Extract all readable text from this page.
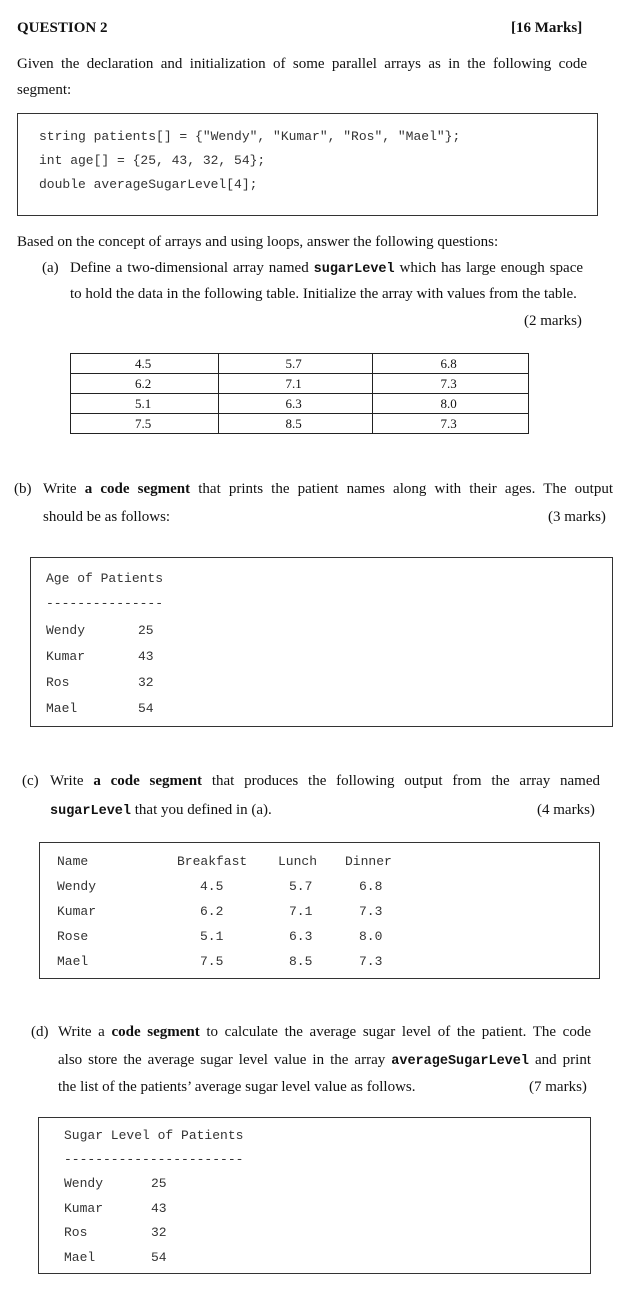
QUESTION 2	[16 Marks]
Given the declaration and initialization of some parallel arrays as in the following code
segment:
string patients[] = {"Wendy", "Kumar", "Ros", "Mael"};
int age[] = {25, 43, 32, 54};
double averageSugarLevel[4];
Based on the concept of arrays and using loops, answer the following questions:
(a) Define a two-dimensional array named sugarLevel which has large enough space
to hold the data in the following table. Initialize the array with values from the table.
(2 marks)
4.5	5.7	6.8
6.2	7.1	7.3
5.1	6.3	8.0
7.5	8.5	7.3
(b) Write a code segment that prints the patient names along with their ages. The output
should be as follows:	(3 marks)
Age of Patients
---------------
Wendy	25
Kumar	43
Ros	32
Mael	54
(c) Write a code segment that produces the following output from the array named
sugarLevel that you defined in (a).	(4 marks)
Name	Breakfast Lunch Dinner
Wendy	4.5	5.7	6.8
Kumar	6.2	7.1	7.3
Rose	5.1	6.3	8.0
Mael	7.5	8.5	7.3
(d) Write a code segment to calculate the average sugar level of the patient. The code
also store the average sugar level value in the array averageSugarLevel and print
the list of the patients’ average sugar level value as follows.	(7 marks)
Sugar Level of Patients
-----------------------
Wendy	25
Kumar	43
Ros	32
Mael	54
